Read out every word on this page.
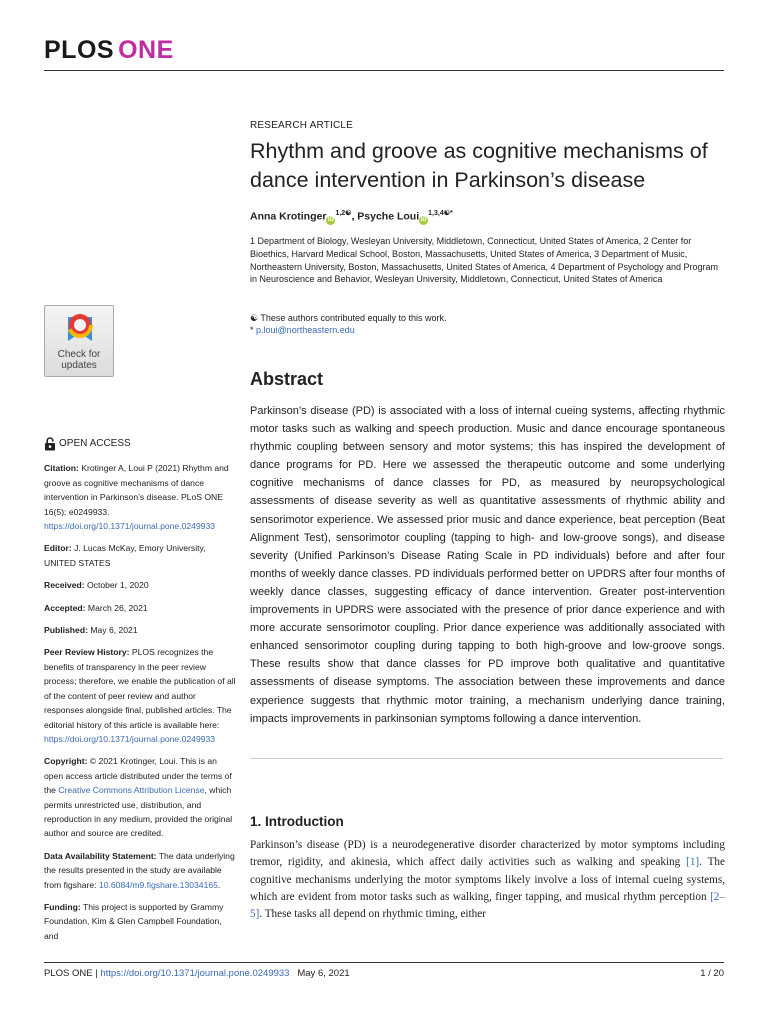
PLOS ONE
Check for
updates
RESEARCH ARTICLE
Rhythm and groove as cognitive mechanisms of dance intervention in Parkinson’s disease
Anna Krotinger $iD^{1,2☯}$, Psyche Loui $iD^{1,3,4☯*}$
1 Department of Biology, Wesleyan University, Middletown, Connecticut, United States of America, 2 Center for Bioethics, Harvard Medical School, Boston, Massachusetts, United States of America, 3 Department of Music, Northeastern University, Boston, Massachusetts, United States of America, 4 Department of Psychology and Program in Neuroscience and Behavior, Wesleyan University, Middletown, Connecticut, United States of America
☯ These authors contributed equally to this work.
* p.loui@northeastern.edu
Abstract

Parkinson’s disease (PD) is associated with a loss of internal cueing systems, affecting rhythmic motor tasks such as walking and speech production. Music and dance encourage spontaneous rhythmic coupling between sensory and motor systems; this has inspired the development of dance programs for PD. Here we assessed the therapeutic outcome and some underlying cognitive mechanisms of dance classes for PD, as measured by neuropsychological assessments of disease severity as well as quantitative assessments of rhythmic ability and sensorimotor experience. We assessed prior music and dance experience, beat perception (Beat Alignment Test), sensorimotor coupling (tapping to high- and low-groove songs), and disease severity (Unified Parkinson’s Disease Rating Scale in PD individuals) before and after four months of weekly dance classes. PD individuals performed better on UPDRS after four months of weekly dance classes, suggesting efficacy of dance intervention. Greater post-intervention improvements in UPDRS were associated with the presence of prior dance experience and with more accurate sensorimotor coupling. Prior dance experience was additionally associated with enhanced sensorimotor coupling during tapping to both high-groove and low-groove songs. These results show that dance classes for PD improve both qualitative and quantitative assessments of disease symptoms. The association between these improvements and dance experience suggests that rhythmic motor training, a mechanism underlying dance training, impacts improvements in parkinsonian symptoms following a dance intervention.

1. Introduction

Parkinson’s disease (PD) is a neurodegenerative disorder characterized by motor symptoms including tremor, rigidity, and akinesia, which affect daily activities such as walking and speaking [1]. The cognitive mechanisms underlying the motor symptoms likely involve a loss of internal cueing systems, which are evident from motor tasks such as walking, finger tapping, and musical rhythm perception [2–5]. These tasks all depend on rhythmic timing, either

OPEN ACCESS
Citation: Krotinger A, Loui P (2021) Rhythm and groove as cognitive mechanisms of dance intervention in Parkinson’s disease. PLoS ONE 16(5): e0249933. https://doi.org/10.1371/journal.pone.0249933
Editor: J. Lucas McKay, Emory University, UNITED STATES
Received: October 1, 2020
Accepted: March 26, 2021
Published: May 6, 2021
Peer Review History: PLOS recognizes the benefits of transparency in the peer review process; therefore, we enable the publication of all of the content of peer review and author responses alongside final, published articles. The editorial history of this article is available here: https://doi.org/10.1371/journal.pone.0249933
Copyright: © 2021 Krotinger, Loui. This is an open access article distributed under the terms of the Creative Commons Attribution License, which permits unrestricted use, distribution, and reproduction in any medium, provided the original author and source are credited.
Data Availability Statement: The data underlying the results presented in the study are available from figshare: 10.6084/m9.figshare.13034165.
Funding: This project is supported by Grammy Foundation, Kim & Glen Campbell Foundation, and
PLOS ONE | https://doi.org/10.1371/journal.pone.0249933 May 6, 2021	1 / 20
